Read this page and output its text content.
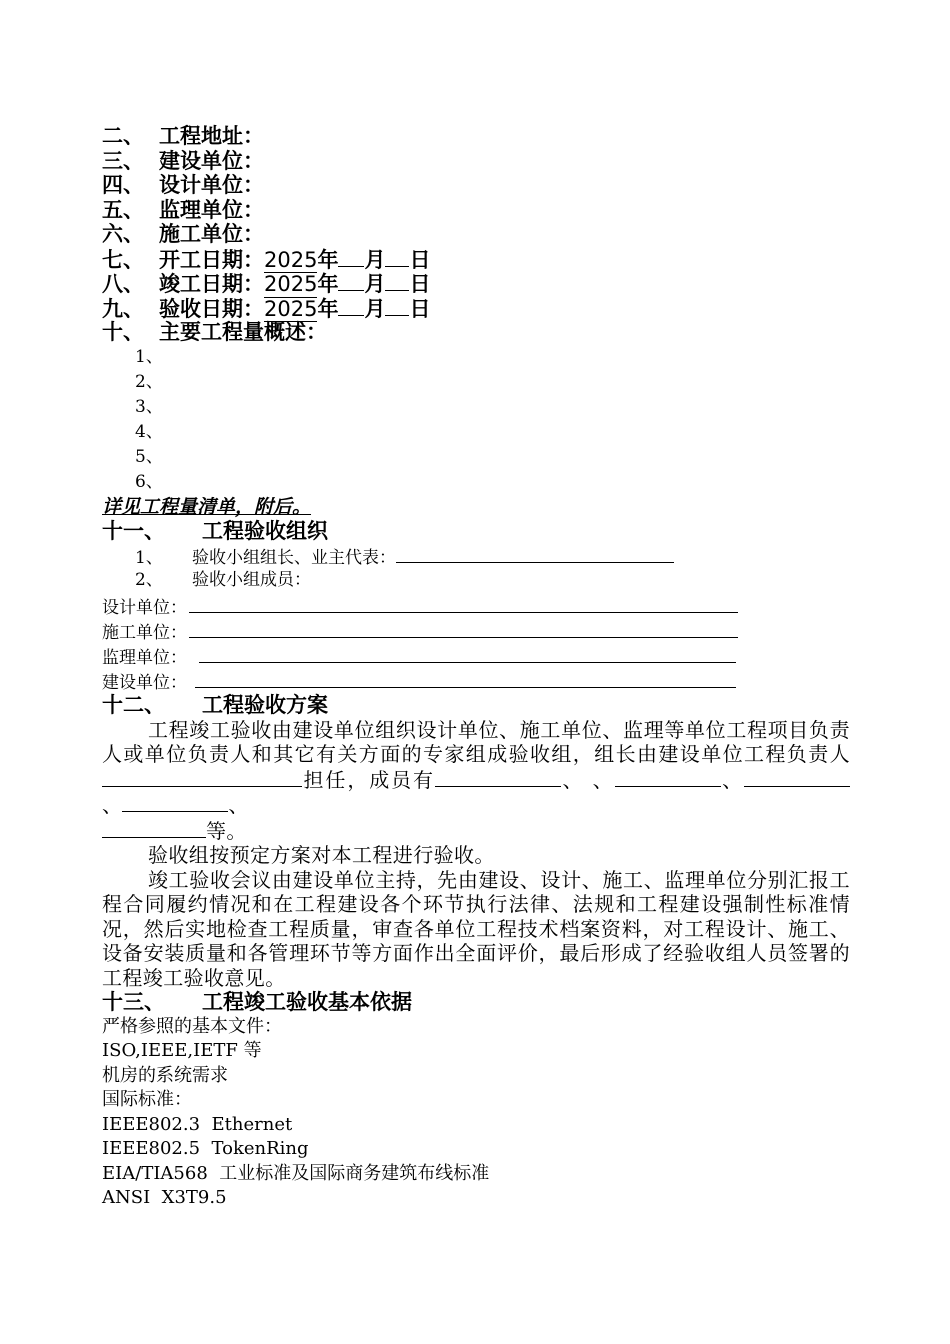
二、 工程地址：
三、 建设单位：
四、 设计单位：
五、 监理单位：
六、 施工单位：
七、 开工日期： 2025 年 月 日
八、 竣工日期： 2025 年 月 日
九、 验收日期： 2025 年 月 日
十、 主要工程量概述：
1、
2、
3、
4、
5、
6、
详见工程量清单，附后。
十一、	工程验收组织
1、	验收小组组长、业主代表：
2、	验收小组成员：
设计单位：
施工单位：
监理单位：
建设单位：
十二、	工程验收方案
工程竣工验收由建设单位组织设计单位、施工单位、监理等单位工程项目负责人或单位负责人和其它有关方面的专家组成验收组，组长由建设单位工程负责人担任，成员有	、 、	、、	、
等。
验收组按预定方案对本工程进行验收。
竣工验收会议由建设单位主持，先由建设、设计、施工、监理单位分别汇报工程合同履约情况和在工程建设各个环节执行法律、法规和工程建设强制性标准情况，然后实地检查工程质量，审查各单位工程技术档案资料，对工程设计、施工、设备安装质量和各管理环节等方面作出全面评价，最后形成了经验收组人员签署的工程竣工验收意见。
十三、	工程竣工验收基本依据
严格参照的基本文件：
ISO,IEEE,IETF 等
机房的系统需求
国际标准：
IEEE802.3  Ethernet
IEEE802.5  TokenRing
EIA/TIA568  工业标准及国际商务建筑布线标准
ANSI  X3T9.5
